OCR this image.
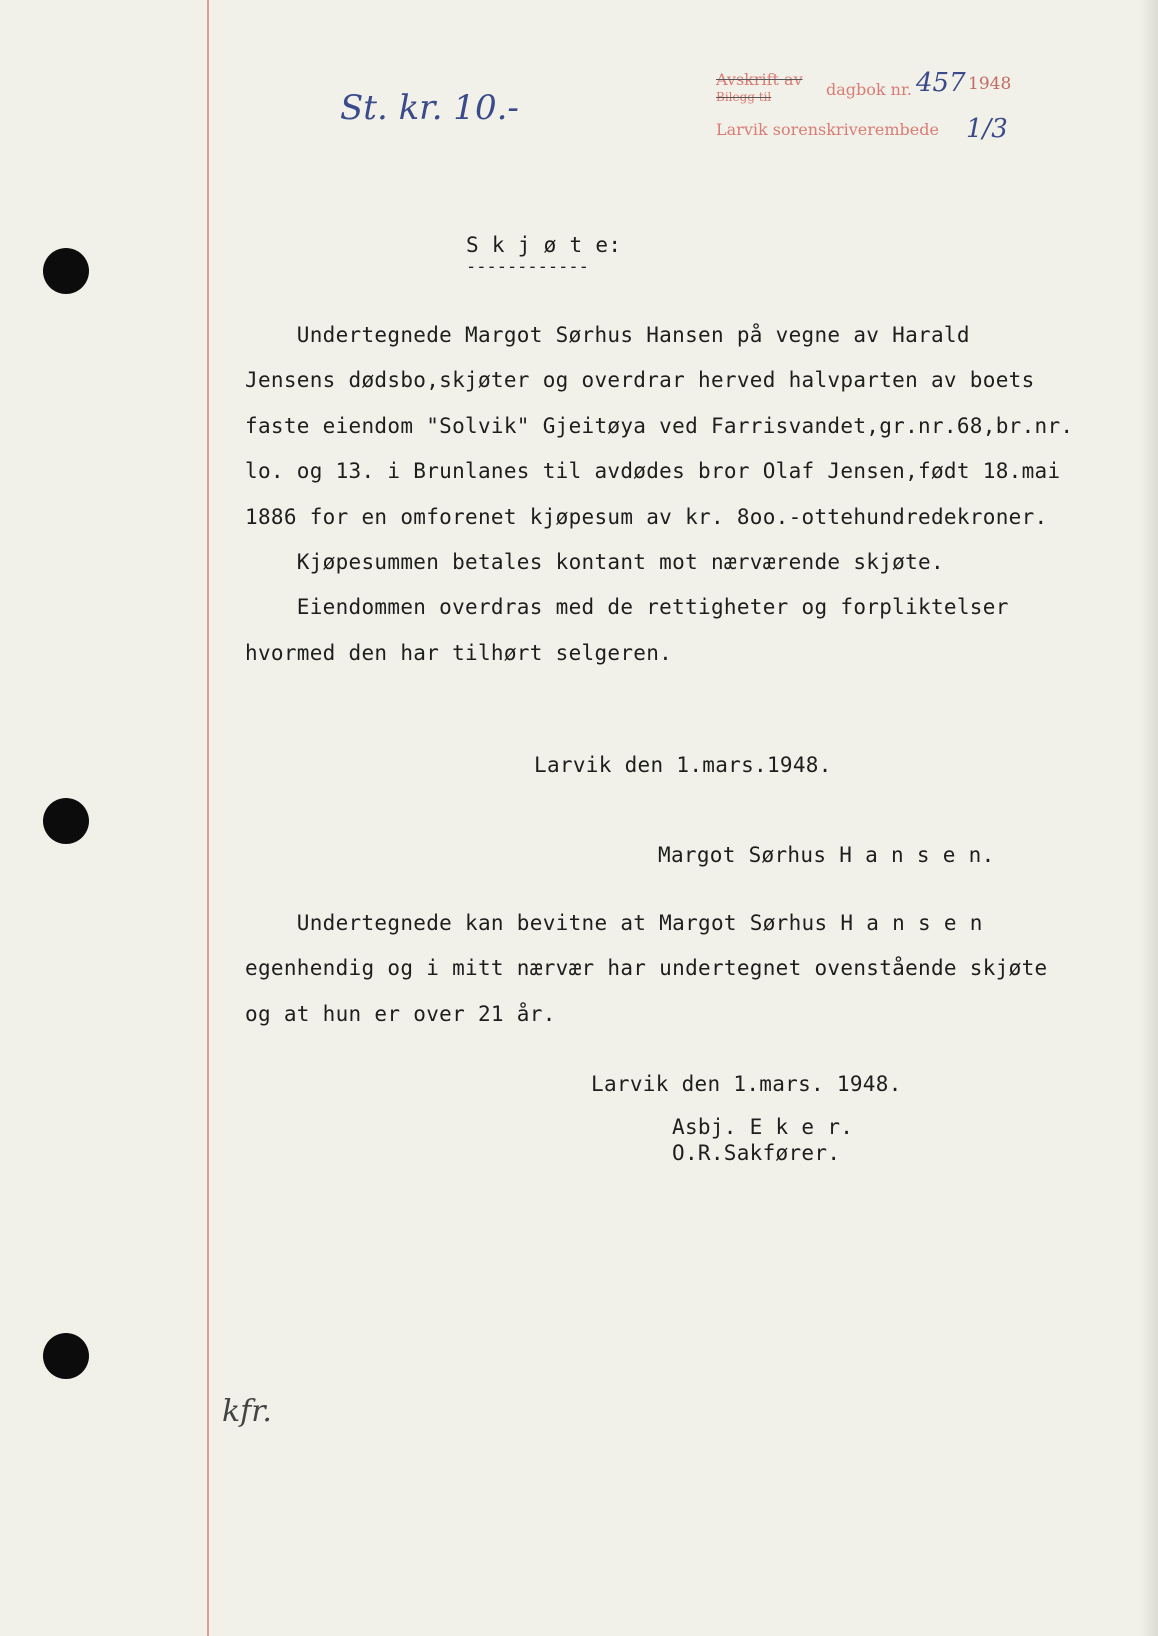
Avskrift av
Bilegg til	dagbok nr. 457 1948
Larvik sorenskriverembede 1/3
St. kr. 10.-
S k j ø t e:
------------
Undertegnede Margot Sørhus Hansen på vegne av Harald
Jensens dødsbo,skjøter og overdrar herved halvparten av boets
faste eiendom "Solvik" Gjeitøya ved Farrisvandet,gr.nr.68,br.nr.
lo. og 13. i Brunlanes til avdødes bror Olaf Jensen,født 18.mai
1886 for en omforenet kjøpesum av kr. 8oo.-ottehundredekroner.
Kjøpesummen betales kontant mot nærværende skjøte.
Eiendommen overdras med de rettigheter og forpliktelser
hvormed den har tilhørt selgeren.
Larvik den 1.mars.1948.
Margot Sørhus H a n s e n.
Undertegnede kan bevitne at Margot Sørhus H a n s e n
egenhendig og i mitt nærvær har undertegnet ovenstående skjøte
og at hun er over 21 år.
Larvik den 1.mars. 1948.
Asbj. E k e r.
O.R.Sakfører.
kfr.
